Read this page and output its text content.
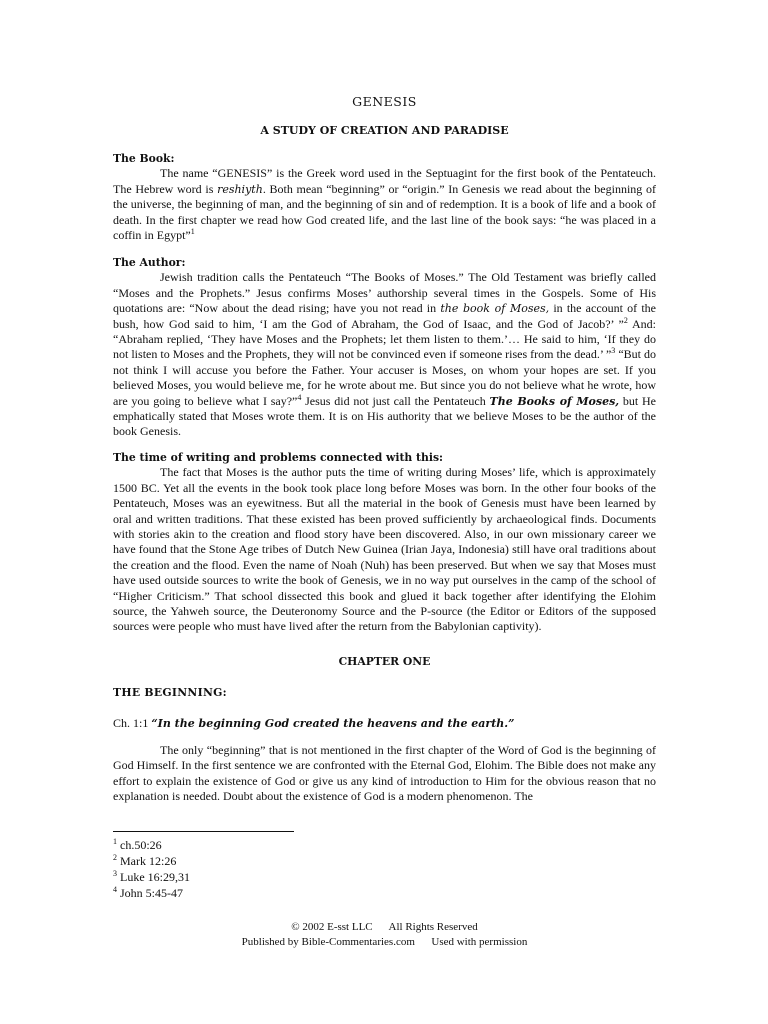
GENESIS
A STUDY OF CREATION AND PARADISE
The Book:
The name “GENESIS” is the Greek word used in the Septuagint for the first book of the Pentateuch. The Hebrew word is reshiyth. Both mean “beginning” or “origin.” In Genesis we read about the beginning of the universe, the beginning of man, and the beginning of sin and of redemption. It is a book of life and a book of death. In the first chapter we read how God created life, and the last line of the book says: “he was placed in a coffin in Egypt”$^1$
The Author:
Jewish tradition calls the Pentateuch “The Books of Moses.” The Old Testament was briefly called “Moses and the Prophets.” Jesus confirms Moses’ authorship several times in the Gospels. Some of His quotations are: “Now about the dead rising; have you not read in the book of Moses, in the account of the bush, how God said to him, ‘I am the God of Abraham, the God of Isaac, and the God of Jacob?’ ”$^2$ And: “Abraham replied, ‘They have Moses and the Prophets; let them listen to them.’… He said to him, ‘If they do not listen to Moses and the Prophets, they will not be convinced even if someone rises from the dead.’ ”$^3$ “But do not think I will accuse you before the Father. Your accuser is Moses, on whom your hopes are set. If you believed Moses, you would believe me, for he wrote about me. But since you do not believe what he wrote, how are you going to believe what I say?”$^4$ Jesus did not just call the Pentateuch The Books of Moses, but He emphatically stated that Moses wrote them. It is on His authority that we believe Moses to be the author of the book Genesis.
The time of writing and problems connected with this:
The fact that Moses is the author puts the time of writing during Moses’ life, which is approximately 1500 BC. Yet all the events in the book took place long before Moses was born. In the other four books of the Pentateuch, Moses was an eyewitness. But all the material in the book of Genesis must have been learned by oral and written traditions. That these existed has been proved sufficiently by archaeological finds. Documents with stories akin to the creation and flood story have been discovered. Also, in our own missionary career we have found that the Stone Age tribes of Dutch New Guinea (Irian Jaya, Indonesia) still have oral traditions about the creation and the flood. Even the name of Noah (Nuh) has been preserved. But when we say that Moses must have used outside sources to write the book of Genesis, we in no way put ourselves in the camp of the school of “Higher Criticism.” That school dissected this book and glued it back together after identifying the Elohim source, the Yahweh source, the Deuteronomy Source and the P-source (the Editor or Editors of the supposed sources were people who must have lived after the return from the Babylonian captivity).
CHAPTER ONE
THE BEGINNING:
Ch. 1:1 “In the beginning God created the heavens and the earth.”
The only “beginning” that is not mentioned in the first chapter of the Word of God is the beginning of God Himself. In the first sentence we are confronted with the Eternal God, Elohim. The Bible does not make any effort to explain the existence of God or give us any kind of introduction to Him for the obvious reason that no explanation is needed. Doubt about the existence of God is a modern phenomenon. The
$^1$ ch.50:26
$^2$ Mark 12:26
$^3$ Luke 16:29,31
$^4$ John 5:45-47
© 2002 E-sst LLC      All Rights Reserved
Published by Bible-Commentaries.com      Used with permission
